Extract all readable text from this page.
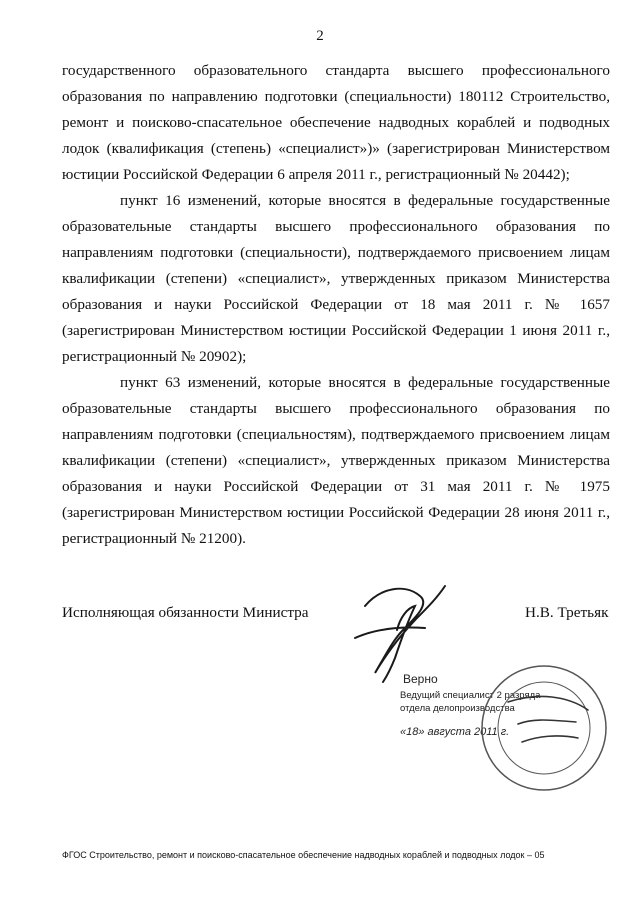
2

государственного образовательного стандарта высшего профессионального образования по направлению подготовки (специальности) 180112 Строительство, ремонт и поисково-спасательное обеспечение надводных кораблей и подводных лодок (квалификация (степень) «специалист»)» (зарегистрирован Министерством юстиции Российской Федерации 6 апреля 2011 г., регистрационный № 20442);

пункт 16 изменений, которые вносятся в федеральные государственные образовательные стандарты высшего профессионального образования по направлениям подготовки (специальности), подтверждаемого присвоением лицам квалификации (степени) «специалист», утвержденных приказом Министерства образования и науки Российской Федерации от 18 мая 2011 г. № 1657 (зарегистрирован Министерством юстиции Российской Федерации 1 июня 2011 г., регистрационный № 20902);

пункт 63 изменений, которые вносятся в федеральные государственные образовательные стандарты высшего профессионального образования по направлениям подготовки (специальностям), подтверждаемого присвоением лицам квалификации (степени) «специалист», утвержденных приказом Министерства образования и науки Российской Федерации от 31 мая 2011 г. № 1975 (зарегистрирован Министерством юстиции Российской Федерации 28 июня 2011 г., регистрационный № 21200).

Исполняющая обязанности Министра	Н.В. Третьяк
Верно
Ведущий специалист 2 разряда
отдела делопроизводства
«18» августа 2011 г.
ФГОС Строительство, ремонт и поисково-спасательное обеспечение надводных кораблей и подводных лодок – 05
